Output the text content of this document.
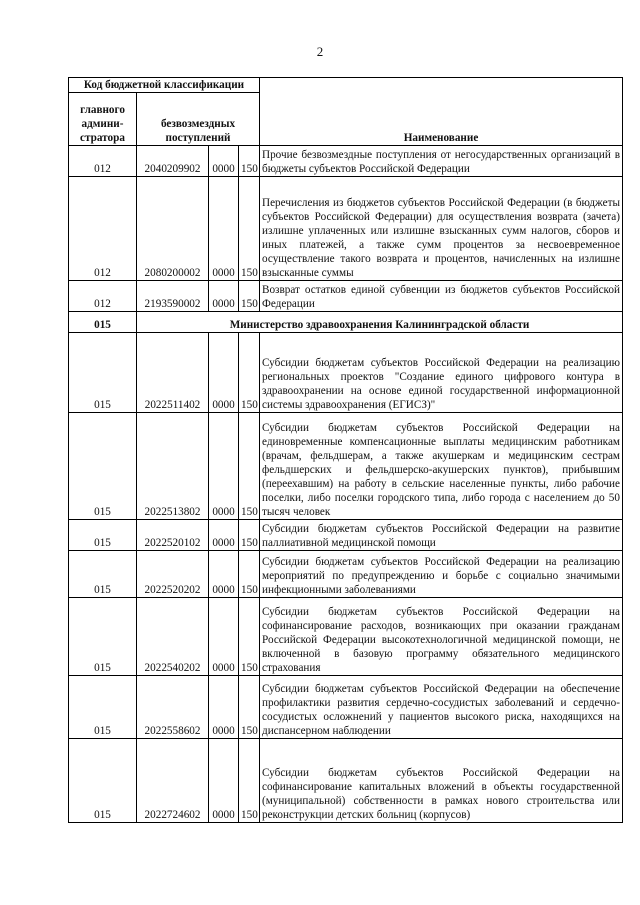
2
Код бюджетной классификации				Наименование

главного админи-стратора	безвозмездных поступлений			

012	2040209902	0000	150	Прочие безвозмездные поступления от негосударственных организаций в бюджеты субъектов Российской Федерации
012	2080200002	0000	150	Перечисления из бюджетов субъектов Российской Федерации (в бюджеты субъектов Российской Федерации) для осуществления возврата (зачета) излишне уплаченных или излишне взысканных сумм налогов, сборов и иных платежей, а также сумм процентов за несвоевременное осуществление такого возврата и процентов, начисленных на излишне взысканные суммы
012	2193590002	0000	150	Возврат остатков единой субвенции из бюджетов субъектов Российской Федерации
015	Министерство здравоохранения Калининградской области			
015	2022511402	0000	150	Субсидии бюджетам субъектов Российской Федерации на реализацию региональных проектов "Создание единого цифрового контура в здравоохранении на основе единой государственной информационной системы здравоохранения (ЕГИСЗ)"
015	2022513802	0000	150	Субсидии бюджетам субъектов Российской Федерации на единовременные компенсационные выплаты медицинским работникам (врачам, фельдшерам, а также акушеркам и медицинским сестрам фельдшерских и фельдшерско-акушерских пунктов), прибывшим (переехавшим) на работу в сельские населенные пункты, либо рабочие поселки, либо поселки городского типа, либо города с населением до 50 тысяч человек
015	2022520102	0000	150	Субсидии бюджетам субъектов Российской Федерации на развитие паллиативной медицинской помощи
015	2022520202	0000	150	Субсидии бюджетам субъектов Российской Федерации на реализацию мероприятий по предупреждению и борьбе с социально значимыми инфекционными заболеваниями
015	2022540202	0000	150	Субсидии бюджетам субъектов Российской Федерации на софинансирование расходов, возникающих при оказании гражданам Российской Федерации высокотехнологичной медицинской помощи, не включенной в базовую программу обязательного медицинского страхования
015	2022558602	0000	150	Субсидии бюджетам субъектов Российской Федерации на обеспечение профилактики развития сердечно-сосудистых заболеваний и сердечно-сосудистых осложнений у пациентов высокого риска, находящихся на диспансерном наблюдении
015	2022724602	0000	150	Субсидии бюджетам субъектов Российской Федерации на софинансирование капитальных вложений в объекты государственной (муниципальной) собственности в рамках нового строительства или реконструкции детских больниц (корпусов)
